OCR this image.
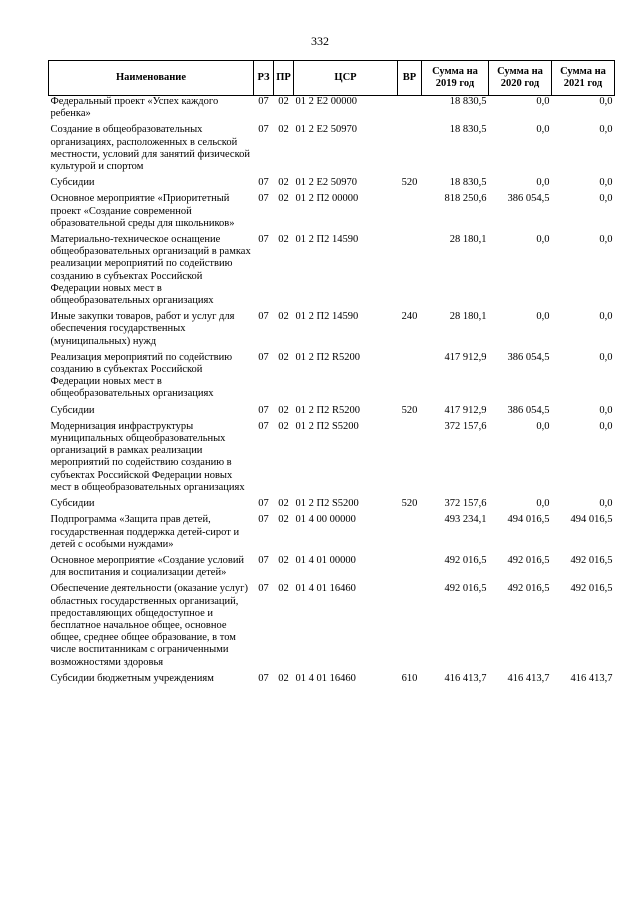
332
Наименование	РЗ	ПР	ЦСР	ВР	Сумма на 2019 год	Сумма на 2020 год	Сумма на 2021 год
Федеральный проект «Успех каждого ребенка»	07	02	01 2 E2 00000		18 830,5	0,0	0,0
Создание в общеобразовательных организациях, расположенных в сельской местности, условий для занятий физической культурой и спортом	07	02	01 2 E2 50970		18 830,5	0,0	0,0
Субсидии	07	02	01 2 E2 50970	520	18 830,5	0,0	0,0
Основное мероприятие «Приоритетный проект «Создание современной образовательной среды для школьников»	07	02	01 2 П2 00000		818 250,6	386 054,5	0,0
Материально-техническое оснащение общеобразовательных организаций в рамках реализации мероприятий по содействию созданию в субъектах Российской Федерации новых мест в общеобразовательных организациях	07	02	01 2 П2 14590		28 180,1	0,0	0,0
Иные закупки товаров, работ и услуг для обеспечения государственных (муниципальных) нужд	07	02	01 2 П2 14590	240	28 180,1	0,0	0,0
Реализация мероприятий по содействию созданию в субъектах Российской Федерации новых мест в общеобразовательных организациях	07	02	01 2 П2 R5200		417 912,9	386 054,5	0,0
Субсидии	07	02	01 2 П2 R5200	520	417 912,9	386 054,5	0,0
Модернизация инфраструктуры муниципальных общеобразовательных организаций в рамках реализации мероприятий по содействию созданию в субъектах Российской Федерации новых мест в общеобразовательных организациях	07	02	01 2 П2 S5200		372 157,6	0,0	0,0
Субсидии	07	02	01 2 П2 S5200	520	372 157,6	0,0	0,0
Подпрограмма «Защита прав детей, государственная поддержка детей-сирот и детей с особыми нуждами»	07	02	01 4 00 00000		493 234,1	494 016,5	494 016,5
Основное мероприятие «Создание условий для воспитания и социализации детей»	07	02	01 4 01 00000		492 016,5	492 016,5	492 016,5
Обеспечение деятельности (оказание услуг) областных государственных организаций, предоставляющих общедоступное и бесплатное начальное общее, основное общее, среднее общее образование, в том числе воспитанникам с ограниченными возможностями здоровья	07	02	01 4 01 16460		492 016,5	492 016,5	492 016,5
Субсидии бюджетным учреждениям	07	02	01 4 01 16460	610	416 413,7	416 413,7	416 413,7
